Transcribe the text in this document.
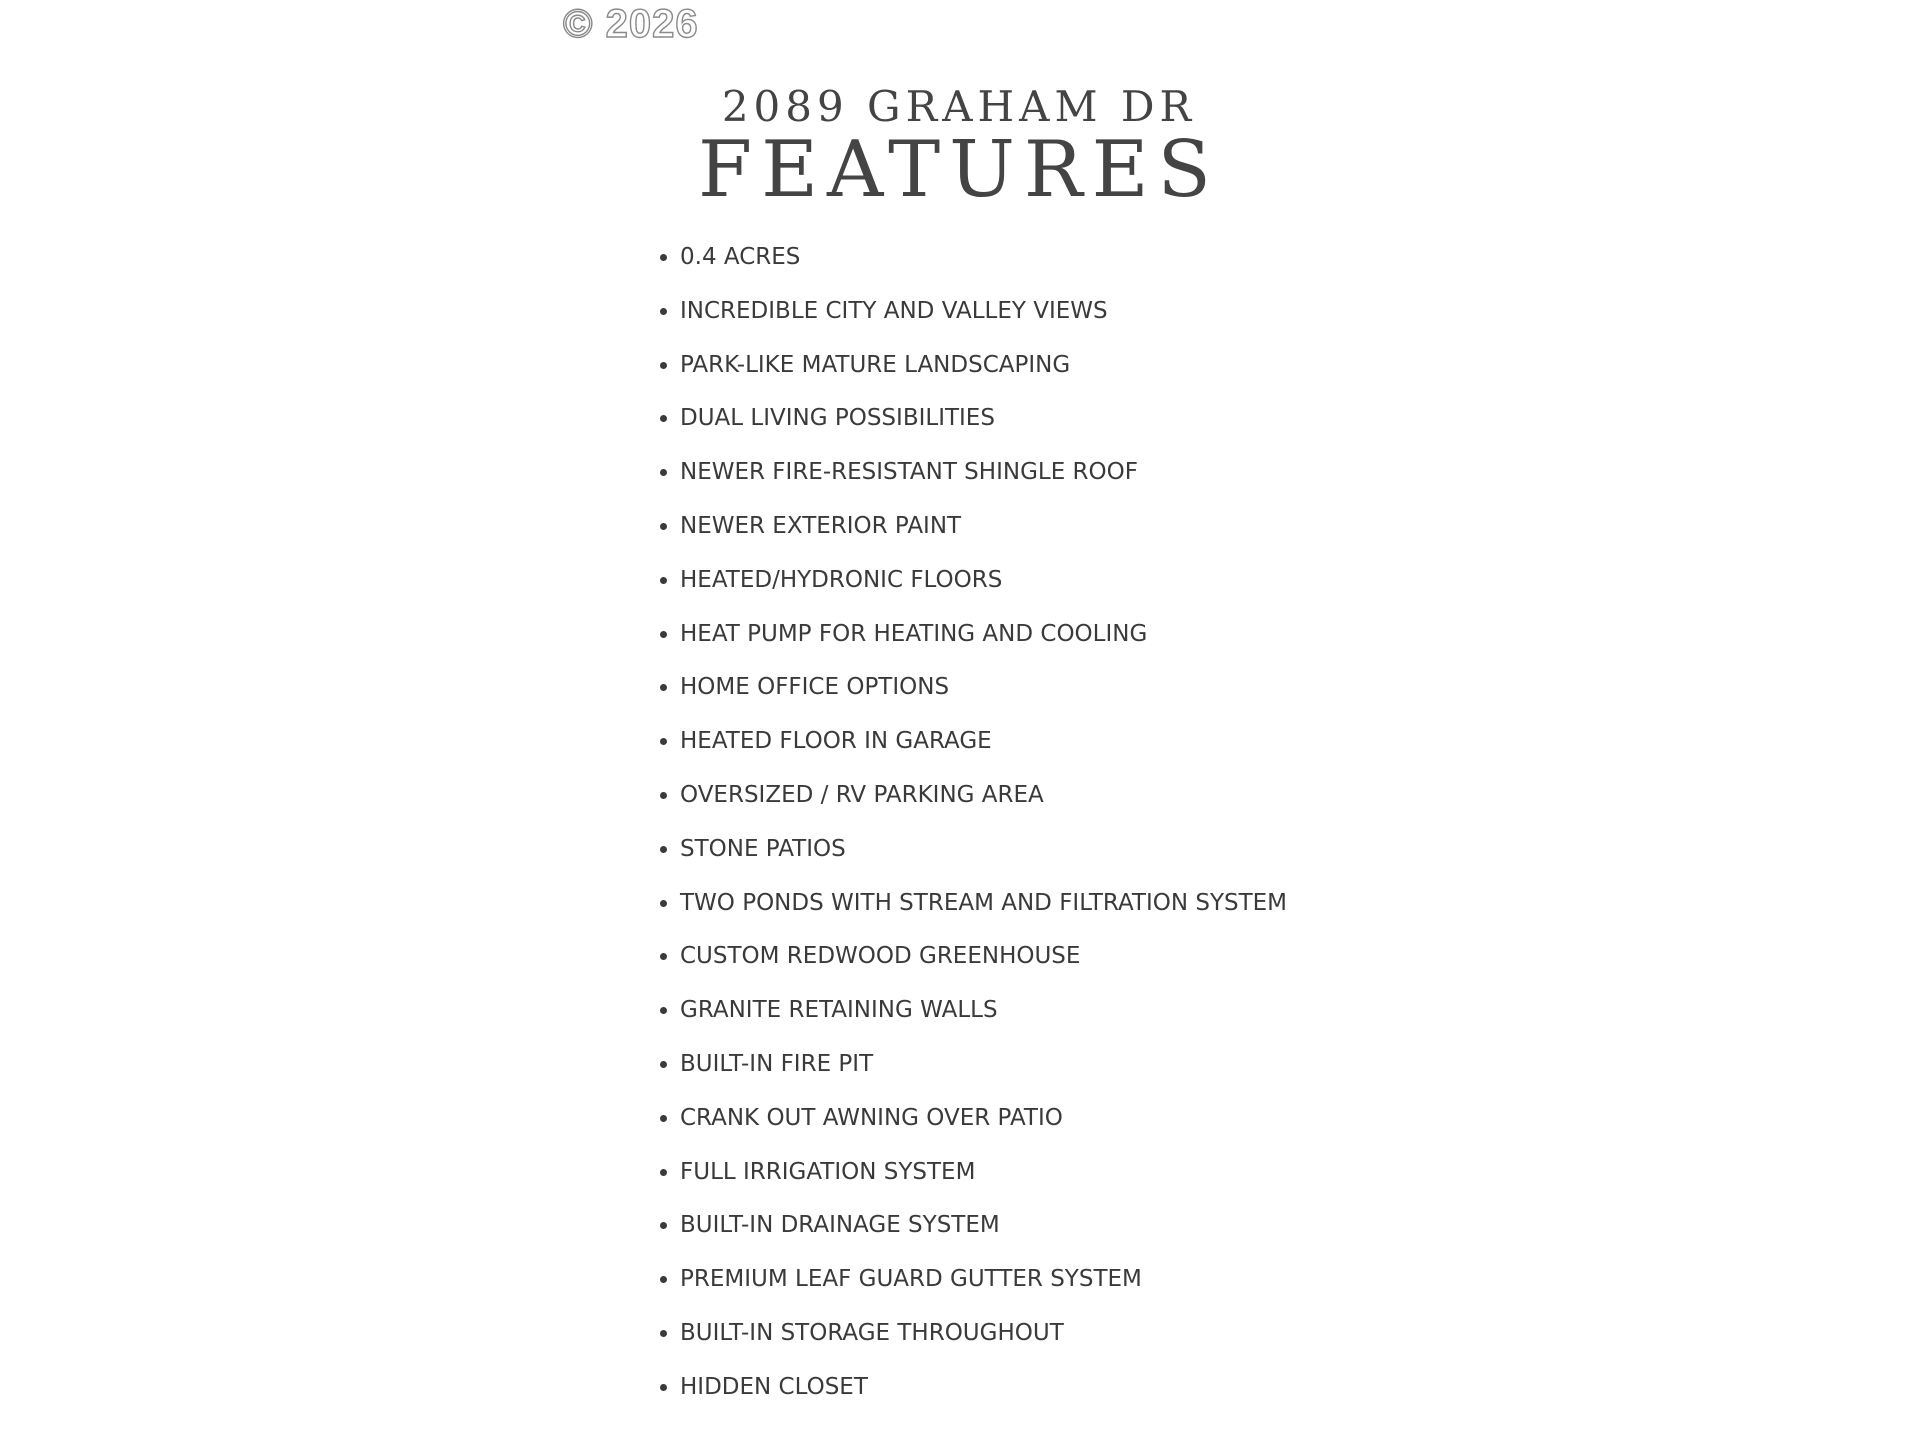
© 2026
2089 GRAHAM DR
FEATURES
0.4 ACRES
INCREDIBLE CITY AND VALLEY VIEWS
PARK-LIKE MATURE LANDSCAPING
DUAL LIVING POSSIBILITIES
NEWER FIRE-RESISTANT SHINGLE ROOF
NEWER EXTERIOR PAINT
HEATED/HYDRONIC FLOORS
HEAT PUMP FOR HEATING AND COOLING
HOME OFFICE OPTIONS
HEATED FLOOR IN GARAGE
OVERSIZED / RV PARKING AREA
STONE PATIOS
TWO PONDS WITH STREAM AND FILTRATION SYSTEM
CUSTOM REDWOOD GREENHOUSE
GRANITE RETAINING WALLS
BUILT-IN FIRE PIT
CRANK OUT AWNING OVER PATIO
FULL IRRIGATION SYSTEM
BUILT-IN DRAINAGE SYSTEM
PREMIUM LEAF GUARD GUTTER SYSTEM
BUILT-IN STORAGE THROUGHOUT
HIDDEN CLOSET
